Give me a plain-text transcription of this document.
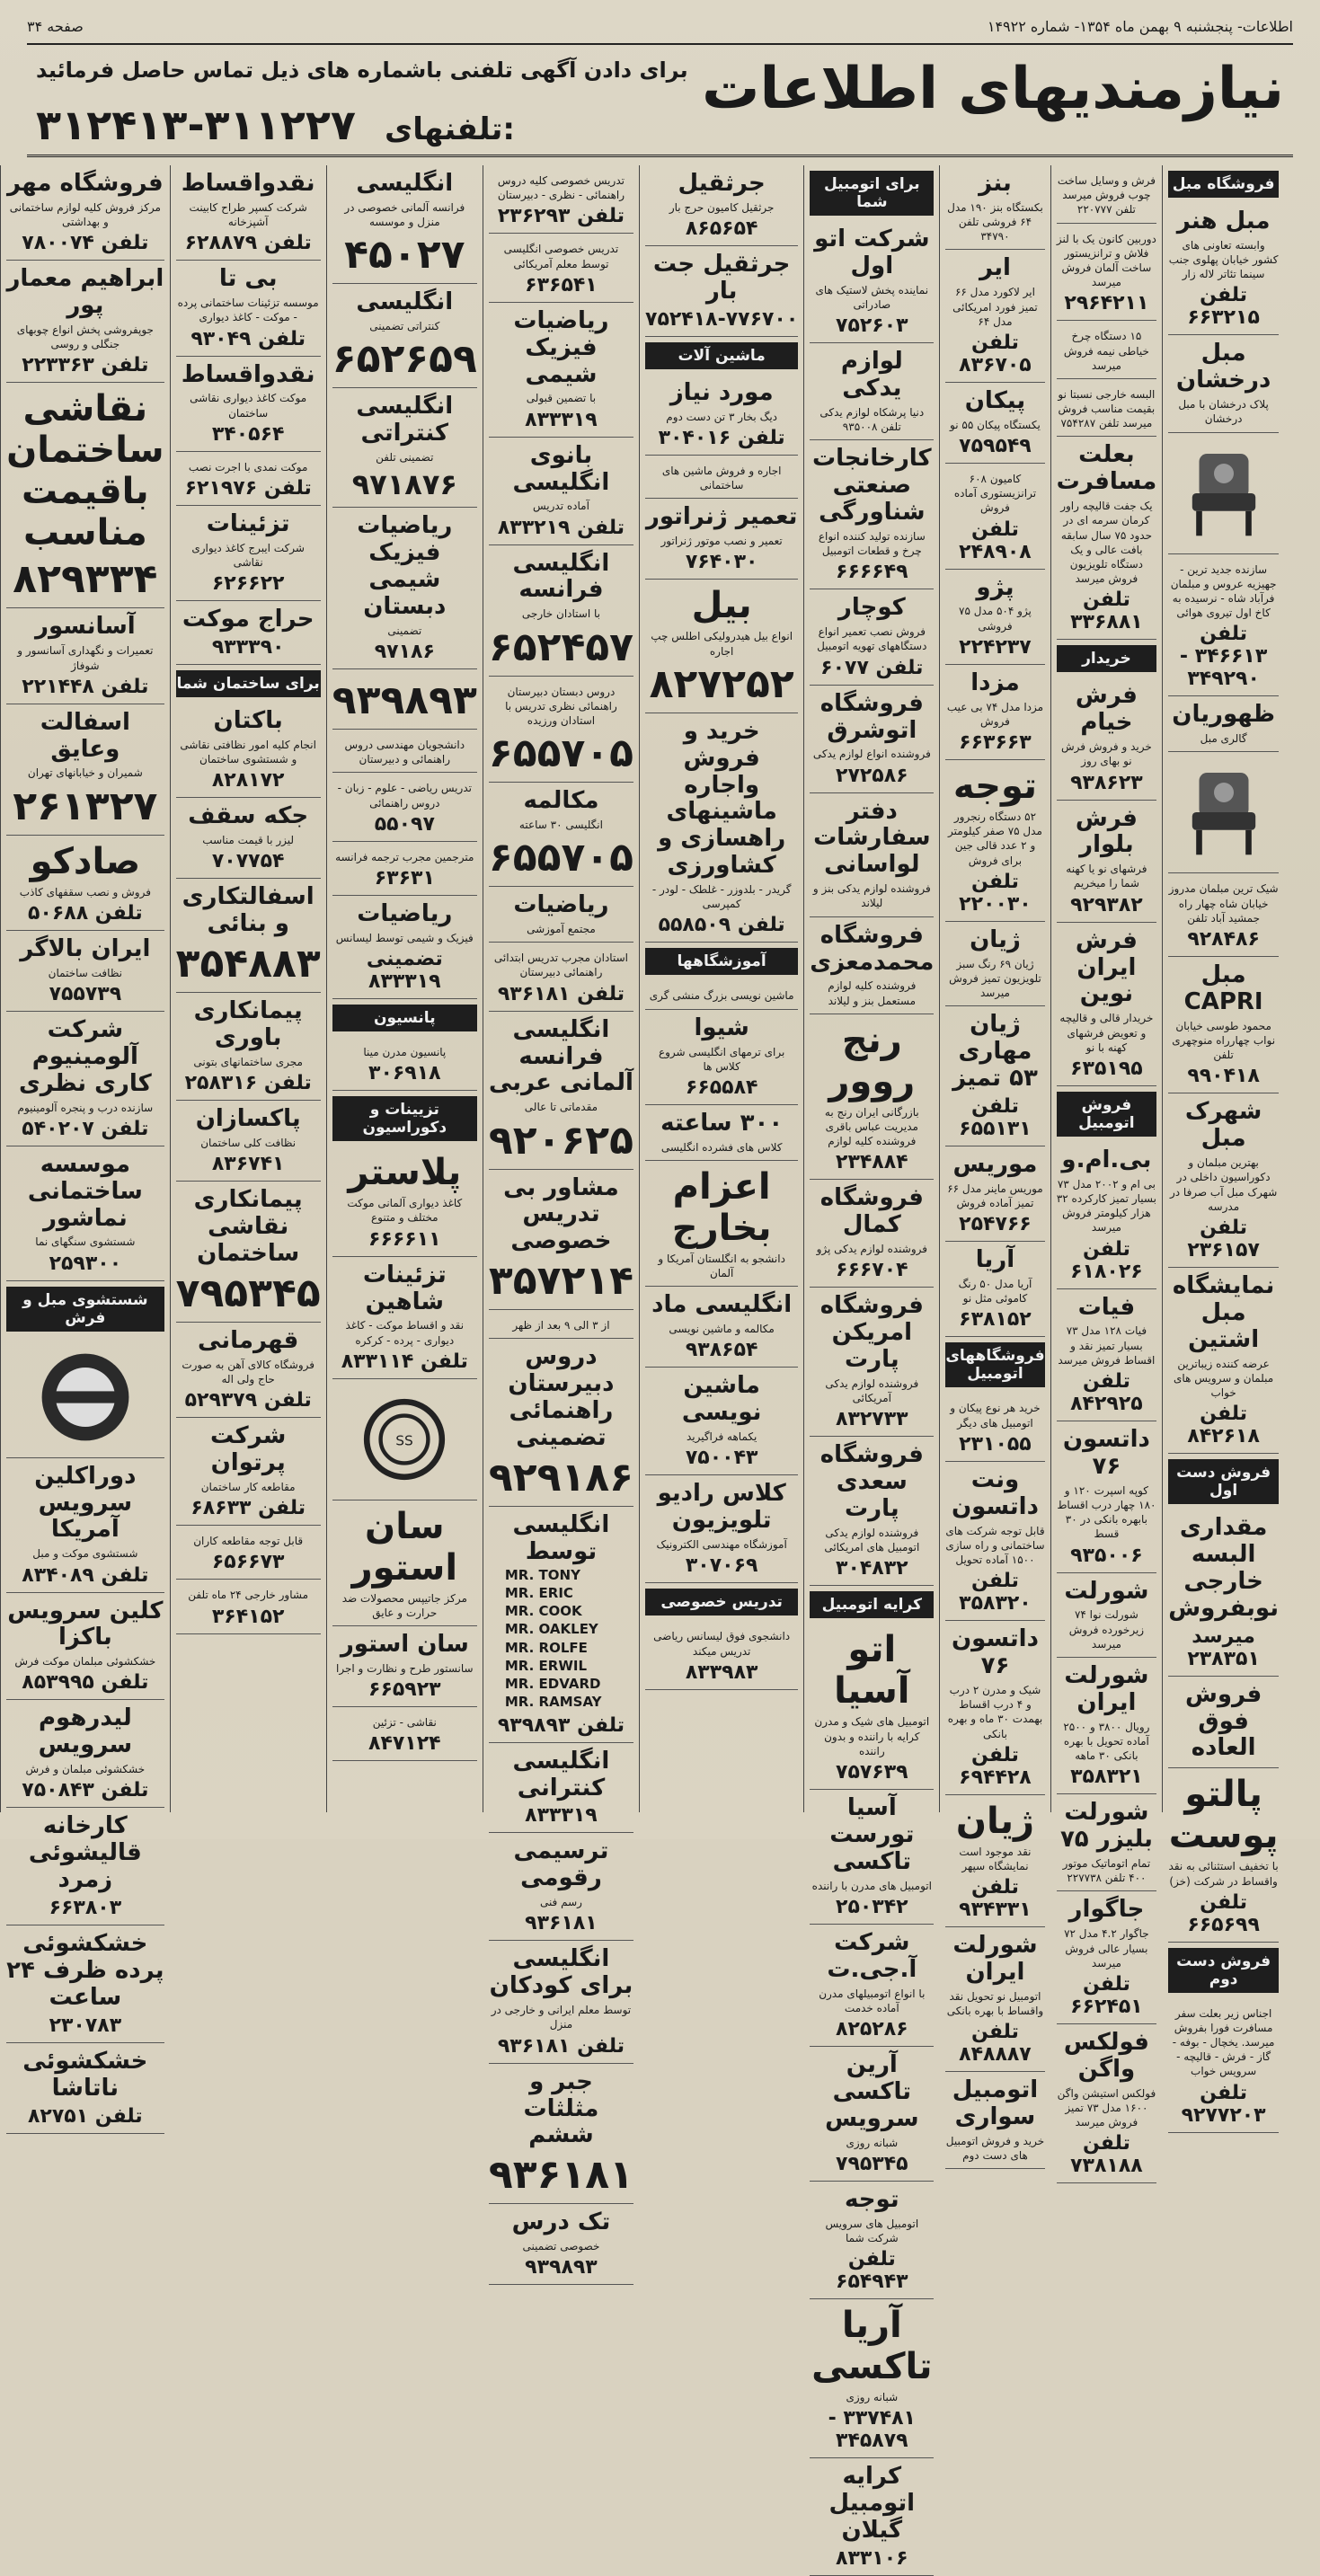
اطلاعات- پنجشنبه ۹ بهمن ماه ۱۳۵۴- شماره ۱۴۹۲۲
صفحه ۳۴
نیازمندیهای اطلاعات
برای دادن آگهی تلفنی باشماره های ذیل تماس حاصل فرمائید
۳۱۲۴۱۳-۳۱۱۲۲۷ تلفنهای:
فروشگاه مبل
مبل هنر
وابسته تعاونی های کشور خیابان پهلوی جنب سینما تئاتر لاله زار
تلفن ۶۶۳۲۱۵
مبل درخشان
پلاک درخشان با مبل درخشان
سازنده جدید ترین - جهیزیه عروس و مبلمان فرآباد شاه - نرسیده به کاخ اول تیروی هوائی
تلفن ۳۴۶۶۱۳ - ۳۴۹۲۹۰
ظهوریان
گالری مبل
شیک ترین مبلمان مدروز خیابان شاه چهار راه جمشید آباد تلفن
۹۲۸۴۸۶
مبل CAPRI
محمود طوسی خیابان نواب چهارراه منوچهری تلفن
۹۹۰۴۱۸
شهرک مبل
بهترین مبلمان و دکوراسیون داخلی در شهرک مبل آب صرفا در مدرسه
تلفن ۲۳۶۱۵۷
نمایشگاه مبل اشتین
عرضه کننده زیباترین مبلمان و سرویس های خواب
تلفن ۸۴۲۶۱۸
فروش دست اول
مقداری البسه خارجی نوبفروش
میرسد ۲۳۸۳۵۱
فروش فوق العاده
پالتو پوست
با تخفیف استثنائی به نقد واقساط در شرکت (خز)
تلفن ۶۶۵۶۹۹
فروش دست دوم
اجناس زیر بعلت سفر مسافرت فورا بفروش میرسد. یخچال - بوفه - گاز - فرش - قالیچه - سرویس خواب
تلفن ۹۲۷۷۲۰۳
فرش و وسایل ساخت چوب فروش میرسد تلفن ۲۲۰۷۷۷
دوربین کانون یک با لنز فلاش و ترانزیستور ساخت آلمان فروش میرسد
۲۹۶۴۲۱۱
۱۵ دستگاه چرخ خیاطی نیمه فروش میرسد
البسه خارجی نسبتا نو بقیمت مناسب فروش میرسد تلفن ۷۵۴۲۸۷
بعلت مسافرت
یک جفت قالیچه راور کرمان سرمه ای در حدود ۷۵ سال سابقه بافت عالی و یک دستگاه تلویزیون فروش میرسد
تلفن ۳۳۶۸۸۱
خریدار
فرش خیام
خرید و فروش فرش نو بهای روز
۹۳۸۶۲۳
فرش بلوار
فرشهای نو یا کهنه شما را میخریم
۹۲۹۳۸۲
فرش ایران نوین
خریدار قالی و قالیچه و تعویض فرشهای کهنه با نو
۶۳۵۱۹۵
فروش اتومبیل
بی.ام.و
بی ام و ۲۰۰۲ مدل ۷۳ بسیار تمیز کارکرده ۳۲ هزار کیلومتر فروش میرسد
تلفن ۶۱۸۰۲۶
فیات
فیات ۱۲۸ مدل ۷۳ بسیار تمیز نقد و اقساط فروش میرسد
تلفن ۸۴۲۹۲۵
داتسون ۷۶
کوپه اسپرت ۱۲۰ و ۱۸۰ چهار درب اقساط بابهره بانکی در ۳۰ قسط
۹۳۵۰۰۶
شورلت
شورلت نوا ۷۴ زیرخورده فروش میرسد
شورلت ایران
رویال ۳۸۰۰ و ۲۵۰۰ آماده تحویل با بهره بانکی ۳۰ ماهه
۳۵۸۳۲۱
شورلت بلیزر ۷۵
تمام اتوماتیک موتور ۴۰۰ تلفن ۲۲۷۷۳۸
جاگوار
جاگوار ۴.۲ مدل ۷۲ بسیار عالی فروش میرسد
تلفن ۶۶۲۴۵۱
فولکس واگن
فولکس استیشن واگن ۱۶۰۰ مدل ۷۳ تمیز فروش میرسد
تلفن ۷۳۸۱۸۸
بنز
بکستگاه بنز ۱۹۰ مدل ۶۴ فروشی تلفن ۳۴۷۹۰
ایر
ایر لاکورد مدل ۶۶ تمیز فورد امریکائی مدل ۶۴
تلفن ۸۳۶۷۰۵
پیکان
یکستگاه پیکان ۵۵ نو
۷۵۹۵۴۹
کامیون ۶۰۸ ترانزیستوری آماده فروش
تلفن ۲۴۸۹۰۸
پژو
پژو ۵۰۴ مدل ۷۵ فروشی
۲۲۴۲۳۷
مزدا
مزدا مدل ۷۴ بی عیب فروش
۶۶۳۶۶۳
توجه
۵۲ دستگاه رنجرور مدل ۷۵ صفر کیلومتر و ۲ عدد قالی جین برای فروش
تلفن ۲۲۰۰۳۰
ژیان
ژیان ۶۹ رنگ سبز تلویزیون تمیز فروش میرسد
ژیان مهاری ۵۳ تمیز
تلفن ۶۵۵۱۳۱
موریس
موریس ماینر مدل ۶۶ تمیز آماده فروش
۲۵۴۷۶۶
آریا
آریا مدل ۵۰ رنگ کاموئی مثل نو
۶۳۸۱۵۲
فروشگاههای اتومبیل
خرید هر نوع پیکان و اتومبیل های دیگر
۲۳۱۰۵۵
ونت داتسون
قابل توجه شرکت های ساختمانی و راه سازی ۱۵۰۰ آماده تحویل
تلفن ۳۵۸۳۲۰
داتسون ۷۶
شیک و مدرن ۲ درب و ۴ درب اقساط بهمدت ۳۰ ماه و بهره بانکی
تلفن ۶۹۴۴۲۸
ژیان
نقد موجود است نمایشگاه سپهر
تلفن ۹۳۴۳۳۱
شورلت ایران
اتومبیل نو تحویل نقد واقساط با بهره بانکی
تلفن ۸۴۸۸۸۷
اتومبیل سواری
خرید و فروش اتومبیل های دست دوم
برای اتومبیل شما
شرکت اتو اول
نماینده پخش لاستیک های صادراتی
۷۵۲۶۰۳
لوازم یدکی
دنیا پرشکاه لوازم یدکی تلفن ۹۳۵۰۰۸
کارخانجات صنعتی شناورگی
سازنده تولید کننده انواع چرخ و قطعات اتومبیل
۶۶۶۶۴۹
کوچار
فروش نصب تعمیر انواع دستگاههای تهویه اتومبیل
تلفن ۶۰۷۷
فروشگاه اتوشرق
فروشنده انواع لوازم یدکی
۲۷۲۵۸۶
دفتر سفارشات لواسانی
فروشنده لوازم یدکی بنز و لیلاند
فروشگاه محمدمعزی
فروشنده کلیه لوازم مستعمل بنز و لیلاند
رنج روور
بازرگانی ایران رنج به مدیریت عباس باقری فروشنده کلیه لوازم
۲۳۴۸۸۴
فروشگاه کمال
فروشنده لوازم یدکی پژو
۶۶۶۷۰۴
فروشگاه امریکن پارت
فروشنده لوازم یدکی آمریکائی
۸۳۲۷۳۳
فروشگاه سعدی پارت
فروشنده لوازم یدکی اتومبیل های امریکائی
۳۰۴۸۳۲
کرایه اتومبیل
اتو آسیا
اتومبیل های شیک و مدرن کرایه با راننده و بدون راننده
۷۵۷۶۳۹
آسیا تورست تاکسی
اتومبیل های مدرن با راننده
۲۵۰۳۴۲
شرکت آ.جی.ت
با انواع اتومبیلهای مدرن آماده خدمت
۸۲۵۲۸۶
آرین تاکسی سرویس
شبانه روزی
۷۹۵۳۴۵
توجه
اتومبیل های سرویس شرکت شما
تلفن ۶۵۴۹۴۳
آریا تاکسی
شبانه روزی
۳۳۷۴۸۱ - ۳۴۵۸۷۹
کرایه اتومبیل گیلان
۸۳۳۱۰۶
جرثقیل
جرثقیل کامیون حرج بار
۸۶۵۶۵۴
جرثقیل جت بار
۷۵۲۴۱۸-۷۷۶۷۰۰
ماشین آلات
مورد نیاز
دیگ بخار ۳ تن دست دوم
تلفن ۳۰۴۰۱۶
اجاره و فروش ماشین های ساختمانی
تعمیر ژنراتور
تعمیر و نصب موتور ژنراتور
۷۶۴۰۳۰
بیل
انواع بیل هیدرولیکی اطلس چپ اجاره
۸۲۷۲۵۲
خرید و فروش واجاره ماشینهای راهسازی و کشاورزی
گریدر - بلدوزر - غلطک - لودر - کمپرسی
تلفن ۵۵۸۵۰۹
آموزشگاهها
ماشین نویسی بزرگ منشی گری
شیوا
برای ترمهای انگلیسی شروع کلاس ها
۶۶۵۵۸۴
۳۰۰ ساعته
کلاس های فشرده انگلیسی
اعزام بخارج
دانشجو به انگلستان آمریکا و آلمان
انگلیسی ماد
مکالمه و ماشین نویسی
۹۳۸۶۵۴
ماشین نویسی
یکماهه فراگیرید
۷۵۰۰۴۳
کلاس رادیو تلویزیون
آموزشگاه مهندسی الکترونیک
۳۰۷۰۶۹
تدریس خصوصی
دانشجوی فوق لیسانس ریاضی تدریس میکند
۸۳۳۹۸۳
تدریس خصوصی کلیه دروس راهنمائی - نظری - دبیرستان
تلفن ۲۳۶۲۹۳
تدریس خصوصی انگلیسی توسط معلم آمریکائی
۶۳۶۵۴۱
ریاضیات فیزیک شیمی
با تضمین قبولی
۸۳۳۳۱۹
بانوی انگلیسی
آماده تدریس
تلفن ۸۳۳۲۱۹
انگلیسی فرانسه
با استادان خارجی
۶۵۲۴۵۷
دروس دبستان دبیرستان راهنمائی نظری تدریس با استادان ورزیده
۶۵۵۷۰۵
مکالمه
انگلیسی ۳۰ ساعته
۶۵۵۷۰۵
ریاضیات
مجتمع آموزشی
استادان مجرب تدریس ابتدائی راهنمائی دبیرستان
تلفن ۹۳۶۱۸۱
انگلیسی فرانسه آلمانی عربی
مقدماتی تا عالی
۹۲۰۶۲۵
مشاور بی تدریس خصوصی
۳۵۷۲۱۴
از ۳ الی ۹ بعد از ظهر
دروس دبیرستان راهنمائی تضمینی
۹۲۹۱۸۶
انگلیسی توسط
MR. TONY
MR. ERIC
MR. COOK
MR. OAKLEY
MR. ROLFE
MR. ERWIL
MR. EDVARD
MR. RAMSAY
تلفن ۹۳۹۸۹۳
انگلیسی کنترانی
۸۳۳۳۱۹
ترسیمی رقومی
رسم فنی
۹۳۶۱۸۱
انگلیسی برای کودکان
توسط معلم ایرانی و خارجی در منزل
تلفن ۹۳۶۱۸۱
جبر و مثلثات ششم
۹۳۶۱۸۱
تک درس
خصوصی تضمینی
۹۳۹۸۹۳
انگلیسی
فرانسه آلمانی خصوصی در منزل و موسسه
۴۵۰۲۷
انگلیسی
کنتراتی تضمینی
۶۵۲۶۵۹
انگلیسی کنتراتی
تضمینی تلفن
۹۷۱۸۷۶
ریاضیات فیزیک شیمی دبستان
تضمینی
۹۷۱۸۶
۹۳۹۸۹۳
دانشجویان مهندسی دروس راهنمائی و دبیرستان
تدریس ریاضی - علوم - زبان - دروس راهنمائی
۵۵۰۹۷
مترجمین مجرب ترجمه فرانسه
۶۳۶۳۱
ریاضیات
فیزیک و شیمی توسط لیسانس
تضمینی ۸۳۳۳۱۹
پانسیون
پانسیون مدرن مینا
۳۰۶۹۱۸
تزیینات و دکوراسیون
پلاستر
کاغذ دیواری آلمانی موکت مختلف و متنوع
۶۶۶۶۱۱
تزئینات شاهین
نقد و اقساط موکت - کاغذ دیواری - پرده - کرکره
تلفن ۸۳۳۱۱۴
SS
سان استور
مرکز جاتیپس محصولات ضد حرارت و عایق
سان استور
سانستور طرح و نظارت و اجرا
۶۶۵۹۲۳
نقاشی - تزئین
۸۴۷۱۲۴
نقدواقساط
شرکت کسپر طراح کابینت آشپزخانه
تلفن ۶۲۸۸۷۹
بی تا
موسسه تزئینات ساختمانی پرده - موکت - کاغذ دیواری
تلفن ۹۳۰۴۹
نقدواقساط
موکت کاغذ دیواری نقاشی ساختمان
۳۴۰۵۶۴
موکت نمدی با اجرت نصب
تلفن ۶۲۱۹۷۶
تزئینات
شرکت ایبرج کاغذ دیواری نقاشی
۶۲۶۶۲۲
حراج موکت
۹۳۳۳۹۰
برای ساختمان شما
باکتان
انجام کلیه امور نظافتی نقاشی و شستشوی ساختمان
۸۲۸۱۷۲
جکه سقف
لیزر با قیمت مناسب
۷۰۷۷۵۴
اسفالتکاری و بنائی
۳۵۴۸۸۳
پیمانکاری باوری
مجری ساختمانهای بتونی
تلفن ۲۵۸۳۱۶
پاکسازان
نظافت کلی ساختمان
۸۳۶۷۴۱
پیمانکاری نقاشی ساختمان
۷۹۵۳۴۵
قهرمانی
فروشگاه کالای آهن به صورت حاج ولی اله
تلفن ۵۲۹۳۷۹
شرکت پرتوان
مقاطعه کار ساختمان
تلفن ۶۸۶۳۳
قابل توجه مقاطعه کاران
۶۵۶۶۷۳
مشاور خارجی ۲۴ ماه تلفن
۳۶۴۱۵۲
فروشگاه مهر
مرکز فروش کلیه لوازم ساختمانی و بهداشتی
تلفن ۷۸۰۰۷۴
ابراهیم معمار پور
جوپفروشی پخش انواع چوبهای جنگلی و روسی
تلفن ۲۲۳۳۶۳
نقاشی ساختمان باقیمت مناسب
۸۲۹۳۳۴
آسانسور
تعمیرات و نگهداری آسانسور و شوفاژ
تلفن ۲۲۱۴۴۸
اسفالت وعایق
شمیران و خیابانهای تهران
۲۶۱۳۲۷
صادکو
فروش و نصب سقفهای کاذب
تلفن ۵۰۶۸۸
ایران بالاگر
نظافت ساختمان
۷۵۵۷۳۹
شرکت آلومینیوم کاری نظری
سازنده درب و پنجره آلومینیوم
تلفن ۵۴۰۲۰۷
موسسه ساختمانی نماشور
شستشوی سنگهای نما
۲۵۹۳۰۰
شستشوی مبل و فرش
دوراکلین سرویس آمریکا
شستشوی موکت و مبل
تلفن ۸۳۴۰۸۹
کلین سرویس باکزا
خشکشوئی مبلمان موکت فرش
تلفن ۸۵۳۹۹۵
لیدرهوم سرویس
خشکشوئی مبلمان و فرش
تلفن ۷۵۰۸۴۳
کارخانه قالیشوئی زمرد
۶۶۳۸۰۳
خشکشوئی پرده ظرف ۲۴ ساعت
۲۳۰۷۸۳
خشکشوئی ناتاشا
تلفن ۸۲۷۵۱
